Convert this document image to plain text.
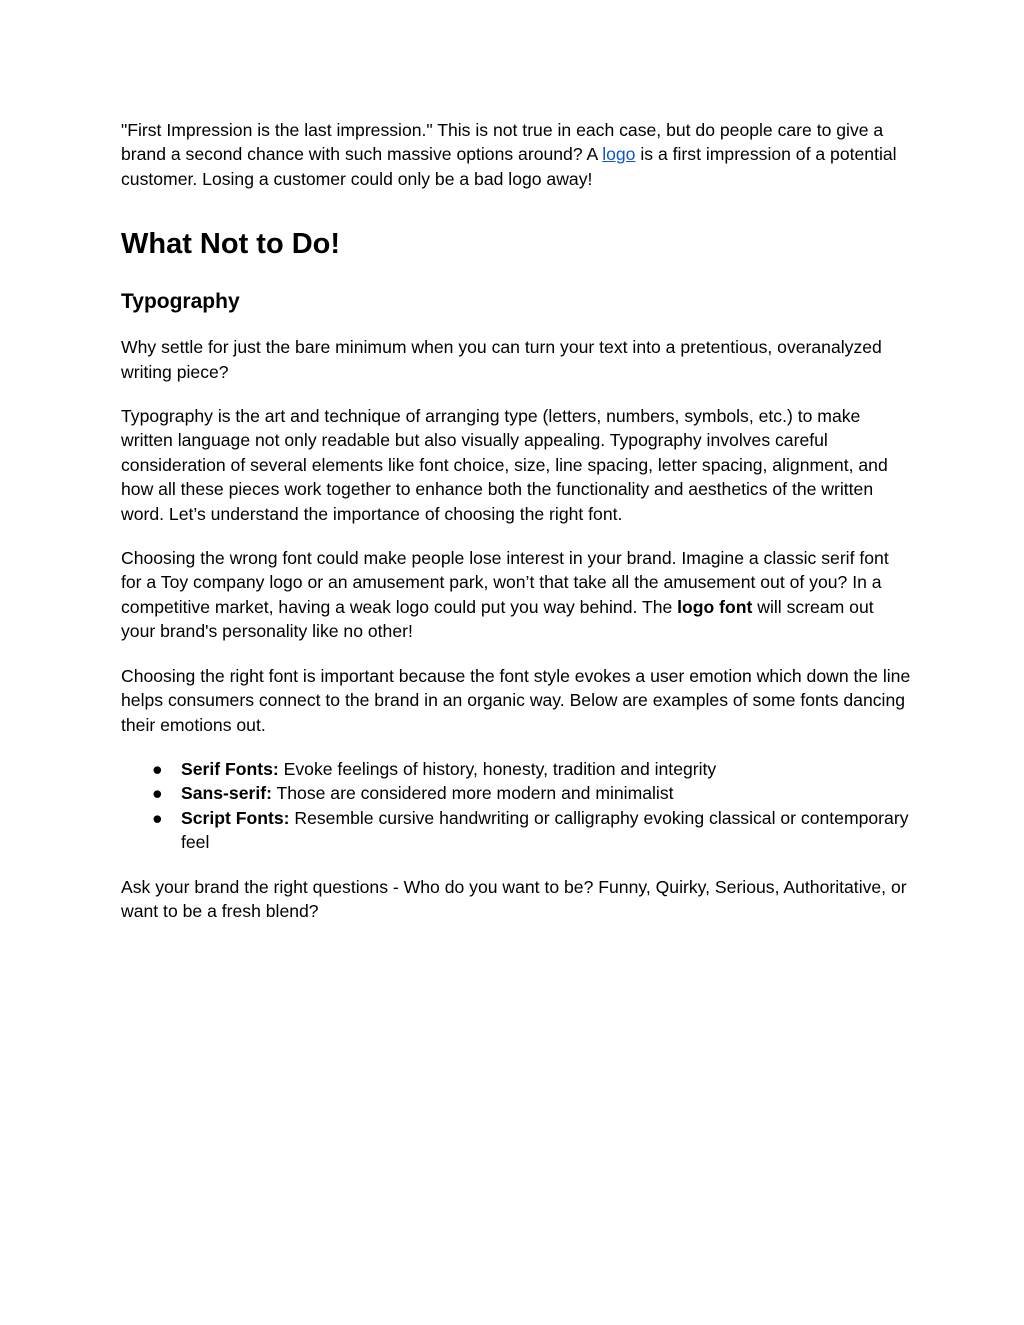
"First Impression is the last impression." This is not true in each case, but do people care to give a brand a second chance with such massive options around? A logo is a first impression of a potential customer. Losing a customer could only be a bad logo away!

What Not to Do!
Typography

Why settle for just the bare minimum when you can turn your text into a pretentious, overanalyzed writing piece?

Typography is the art and technique of arranging type (letters, numbers, symbols, etc.) to make written language not only readable but also visually appealing. Typography involves careful consideration of several elements like font choice, size, line spacing, letter spacing, alignment, and how all these pieces work together to enhance both the functionality and aesthetics of the written word. Let’s understand the importance of choosing the right font.

Choosing the wrong font could make people lose interest in your brand. Imagine a classic serif font for a Toy company logo or an amusement park, won’t that take all the amusement out of you? In a competitive market, having a weak logo could put you way behind. The logo font will scream out your brand's personality like no other!

Choosing the right font is important because the font style evokes a user emotion which down the line helps consumers connect to the brand in an organic way. Below are examples of some fonts dancing their emotions out.

● Serif Fonts: Evoke feelings of history, honesty, tradition and integrity
● Sans-serif: Those are considered more modern and minimalist
● Script Fonts: Resemble cursive handwriting or calligraphy evoking classical or contemporary feel

Ask your brand the right questions - Who do you want to be? Funny, Quirky, Serious, Authoritative, or want to be a fresh blend?
